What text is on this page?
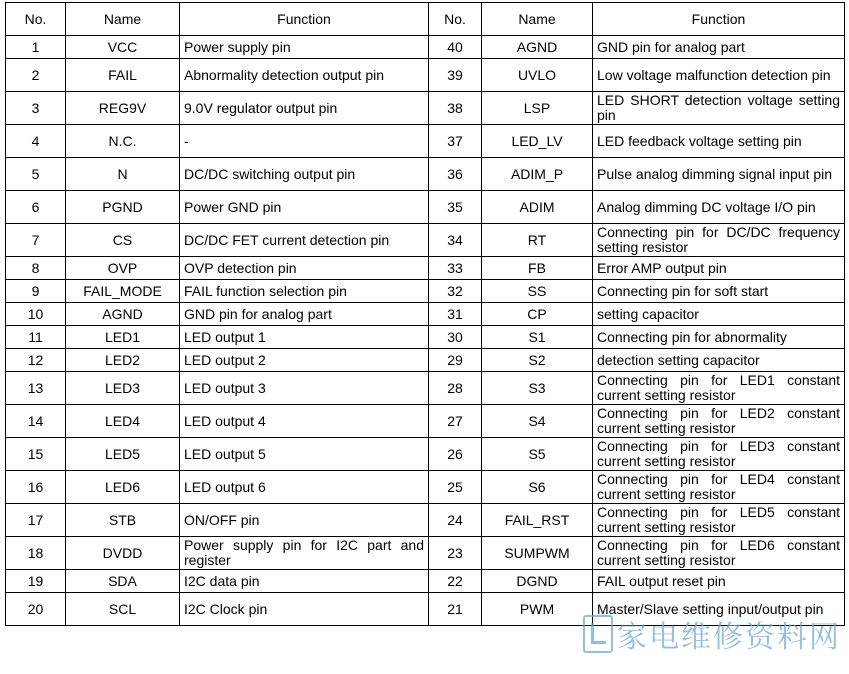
No.	Name	Function	No.	Name	Function
1	VCC	Power supply pin	40	AGND	GND pin for analog part
2	FAIL	Abnormality detection output pin	39	UVLO	Low voltage malfunction detection pin
3	REG9V	9.0V regulator output pin	38	LSP	LED SHORT detection voltage setting pin
4	N.C.	-	37	LED_LV	LED feedback voltage setting pin
5	N	DC/DC switching output pin	36	ADIM_P	Pulse analog dimming signal input pin
6	PGND	Power GND pin	35	ADIM	Analog dimming DC voltage I/O pin
7	CS	DC/DC FET current detection pin	34	RT	Connecting pin for DC/DC frequency setting resistor
8	OVP	OVP detection pin	33	FB	Error AMP output pin
9	FAIL_MODE	FAIL function selection pin	32	SS	Connecting pin for soft start
10	AGND	GND pin for analog part	31	CP	setting capacitor
11	LED1	LED output 1	30	S1	Connecting pin for abnormality
12	LED2	LED output 2	29	S2	detection setting capacitor
13	LED3	LED output 3	28	S3	Connecting pin for LED1 constant current setting resistor
14	LED4	LED output 4	27	S4	Connecting pin for LED2 constant current setting resistor
15	LED5	LED output 5	26	S5	Connecting pin for LED3 constant current setting resistor
16	LED6	LED output 6	25	S6	Connecting pin for LED4 constant current setting resistor
17	STB	ON/OFF pin	24	FAIL_RST	Connecting pin for LED5 constant current setting resistor
18	DVDD	Power supply pin for I2C part and register	23	SUMPWM	Connecting pin for LED6 constant current setting resistor
19	SDA	I2C data pin	22	DGND	FAIL output reset pin
20	SCL	I2C Clock pin	21	PWM	Master/Slave setting input/output pin
家电维修资料网
